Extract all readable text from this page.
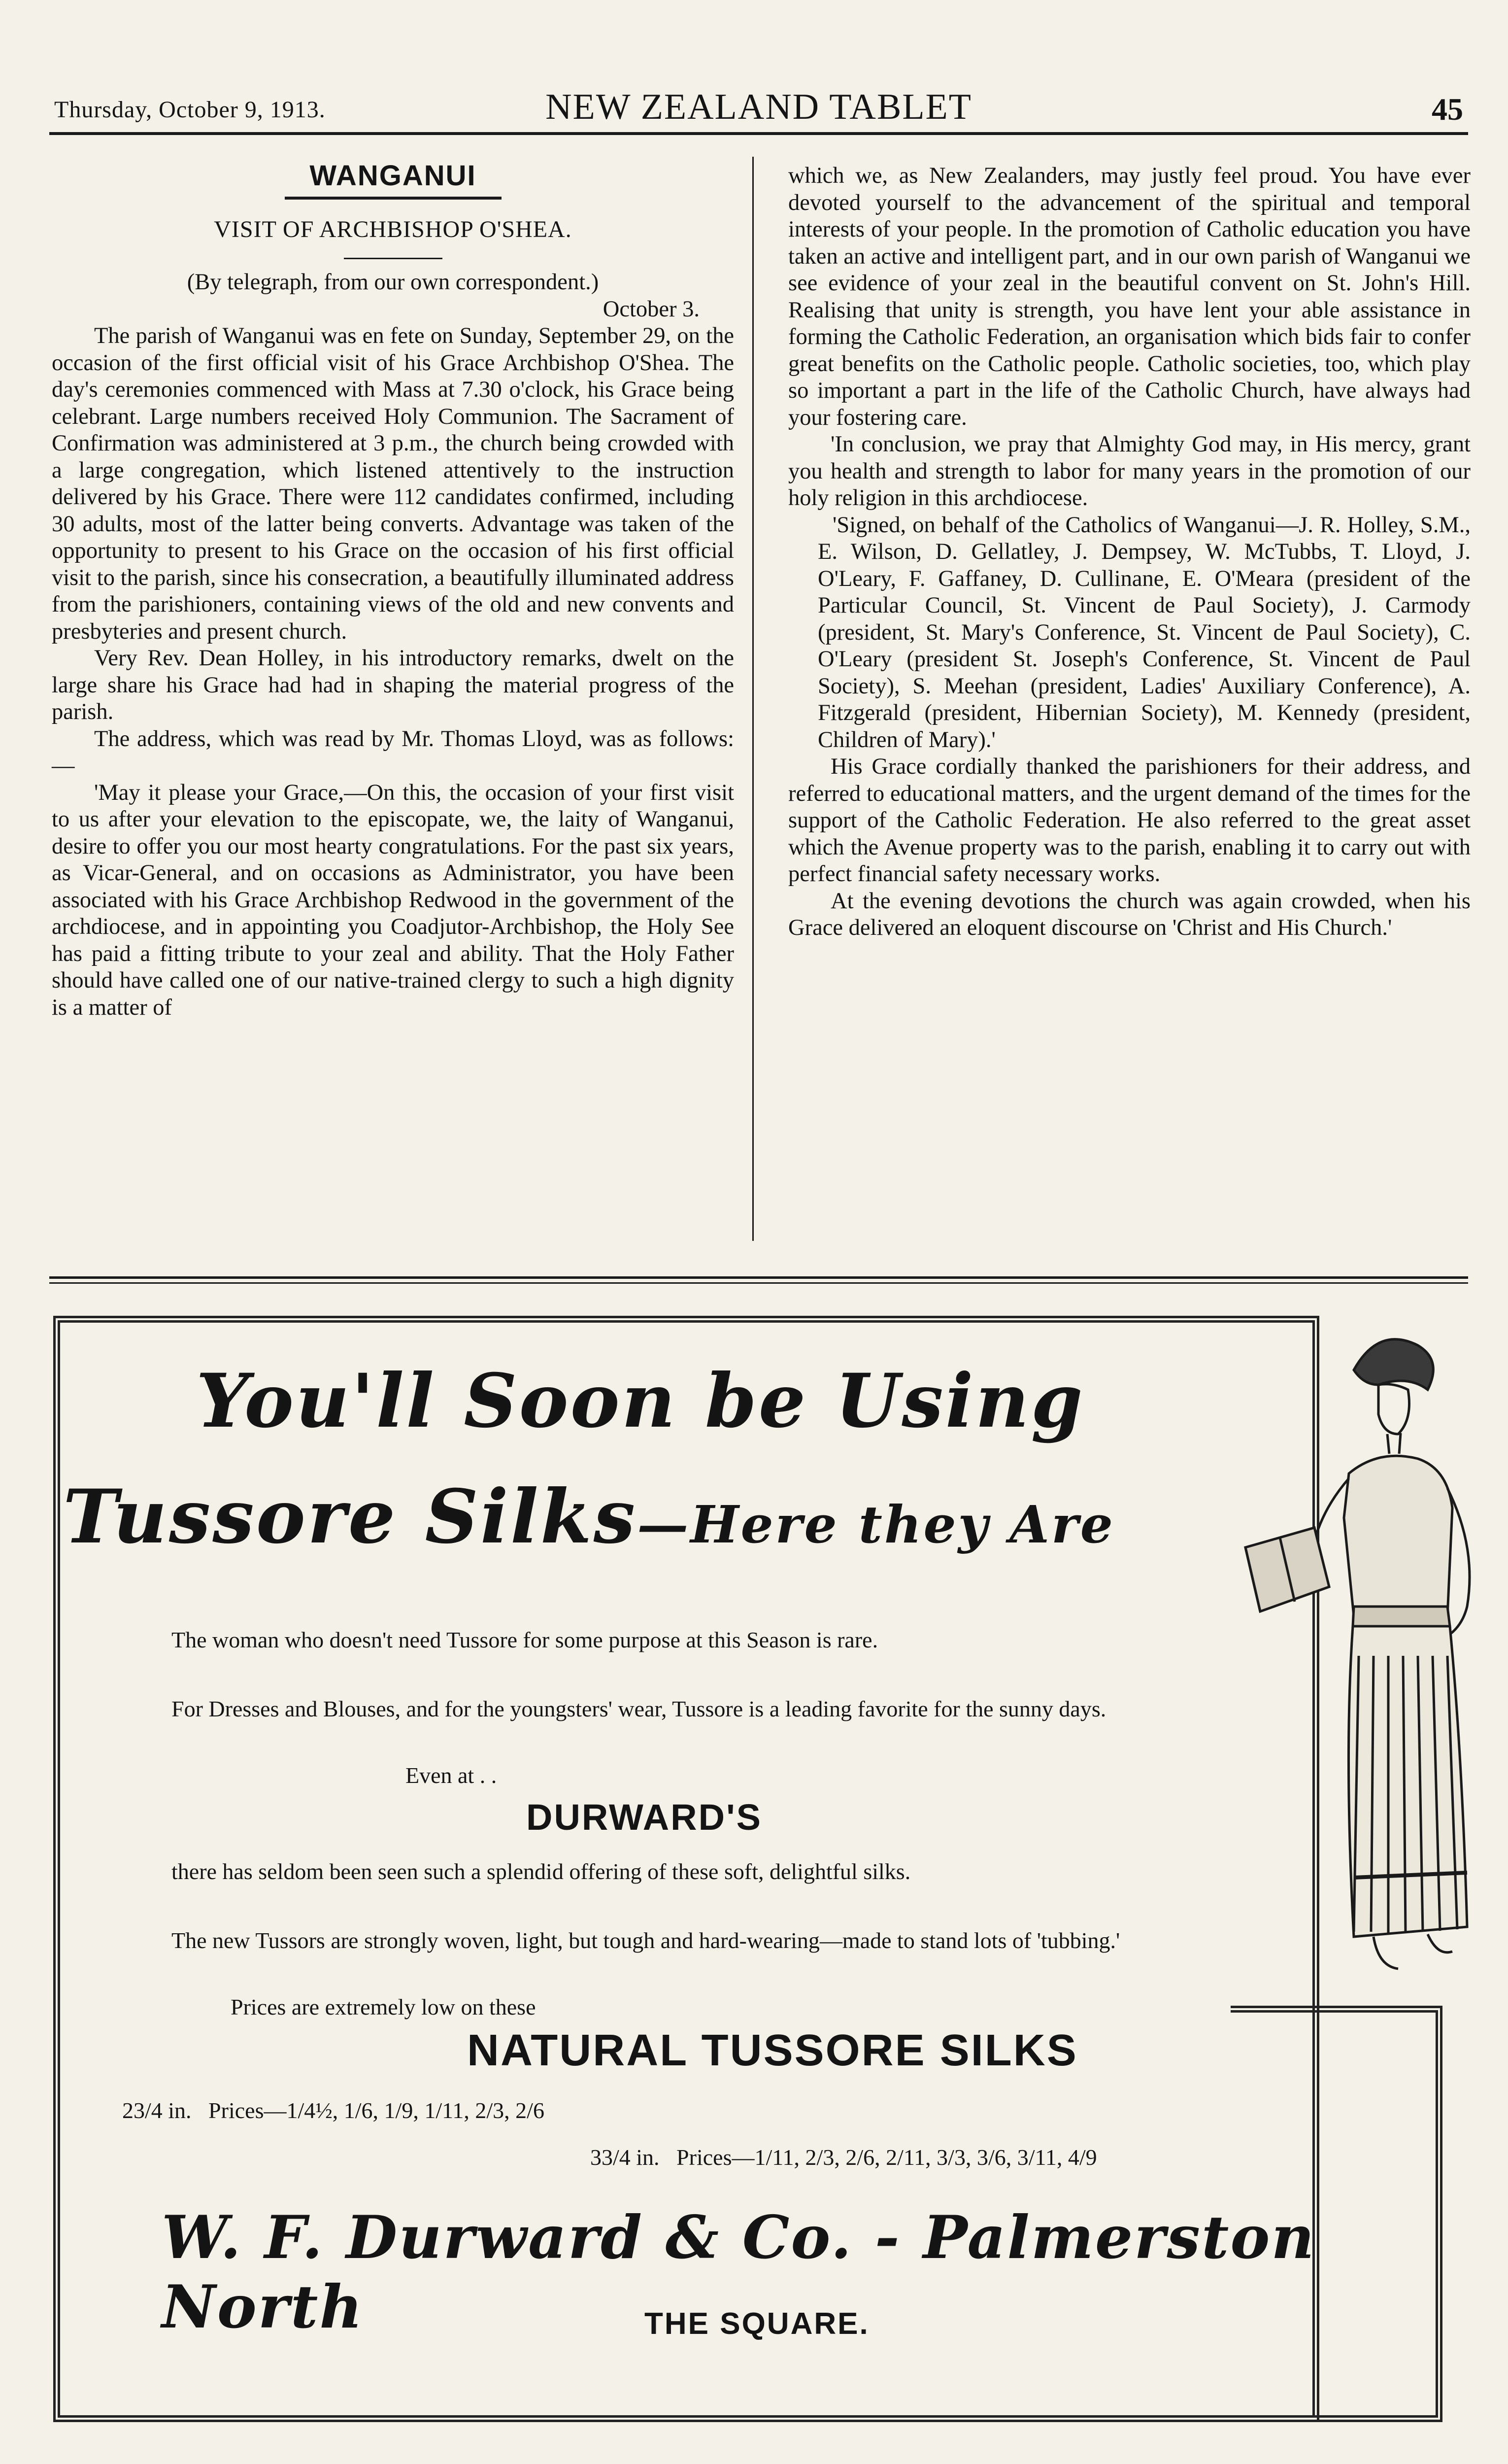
Thursday, October 9, 1913.	NEW ZEALAND TABLET	45
WANGANUI
VISIT OF ARCHBISHOP O'SHEA.
(By telegraph, from our own correspondent.)
October 3.

The parish of Wanganui was en fete on Sunday, September 29, on the occasion of the first official visit of his Grace Archbishop O'Shea. The day's ceremonies commenced with Mass at 7.30 o'clock, his Grace being celebrant. Large numbers received Holy Communion. The Sacrament of Confirmation was administered at 3 p.m., the church being crowded with a large congregation, which listened attentively to the instruction delivered by his Grace. There were 112 candidates confirmed, including 30 adults, most of the latter being converts. Advantage was taken of the opportunity to present to his Grace on the occasion of his first official visit to the parish, since his consecration, a beautifully illuminated address from the parishioners, containing views of the old and new convents and presbyteries and present church.

Very Rev. Dean Holley, in his introductory remarks, dwelt on the large share his Grace had had in shaping the material progress of the parish.

The address, which was read by Mr. Thomas Lloyd, was as follows:—

'May it please your Grace,—On this, the occasion of your first visit to us after your elevation to the episcopate, we, the laity of Wanganui, desire to offer you our most hearty congratulations. For the past six years, as Vicar-General, and on occasions as Administrator, you have been associated with his Grace Archbishop Redwood in the government of the archdiocese, and in appointing you Coadjutor-Archbishop, the Holy See has paid a fitting tribute to your zeal and ability. That the Holy Father should have called one of our native-trained clergy to such a high dignity is a matter of

which we, as New Zealanders, may justly feel proud. You have ever devoted yourself to the advancement of the spiritual and temporal interests of your people. In the promotion of Catholic education you have taken an active and intelligent part, and in our own parish of Wanganui we see evidence of your zeal in the beautiful convent on St. John's Hill. Realising that unity is strength, you have lent your able assistance in forming the Catholic Federation, an organisation which bids fair to confer great benefits on the Catholic people. Catholic societies, too, which play so important a part in the life of the Catholic Church, have always had your fostering care.

'In conclusion, we pray that Almighty God may, in His mercy, grant you health and strength to labor for many years in the promotion of our holy religion in this archdiocese.

'Signed, on behalf of the Catholics of Wanganui—J. R. Holley, S.M., E. Wilson, D. Gellatley, J. Dempsey, W. McTubbs, T. Lloyd, J. O'Leary, F. Gaffaney, D. Cullinane, E. O'Meara (president of the Particular Council, St. Vincent de Paul Society), J. Carmody (president, St. Mary's Conference, St. Vincent de Paul Society), C. O'Leary (president St. Joseph's Conference, St. Vincent de Paul Society), S. Meehan (president, Ladies' Auxiliary Conference), A. Fitzgerald (president, Hibernian Society), M. Kennedy (president, Children of Mary).'

His Grace cordially thanked the parishioners for their address, and referred to educational matters, and the urgent demand of the times for the support of the Catholic Federation. He also referred to the great asset which the Avenue property was to the parish, enabling it to carry out with perfect financial safety necessary works.

At the evening devotions the church was again crowded, when his Grace delivered an eloquent discourse on 'Christ and His Church.'

You'll Soon be Using
Tussore Silks—Here they Are
The woman who doesn't need Tussore for some purpose at this Season is rare.
For Dresses and Blouses, and for the youngsters' wear, Tussore is a leading favorite for the sunny days.
Even at . .
DURWARD'S
there has seldom been seen such a splendid offering of these soft, delightful silks.
The new Tussors are strongly woven, light, but tough and hard-wearing—made to stand lots of 'tubbing.'
Prices are extremely low on these
NATURAL TUSSORE SILKS
23/4 in.   Prices—1/4½, 1/6, 1/9, 1/11, 2/3, 2/6
33/4 in.   Prices—1/11, 2/3, 2/6, 2/11, 3/3, 3/6, 3/11, 4/9
W. F. Durward & Co. - Palmerston North	THE SQUARE.
